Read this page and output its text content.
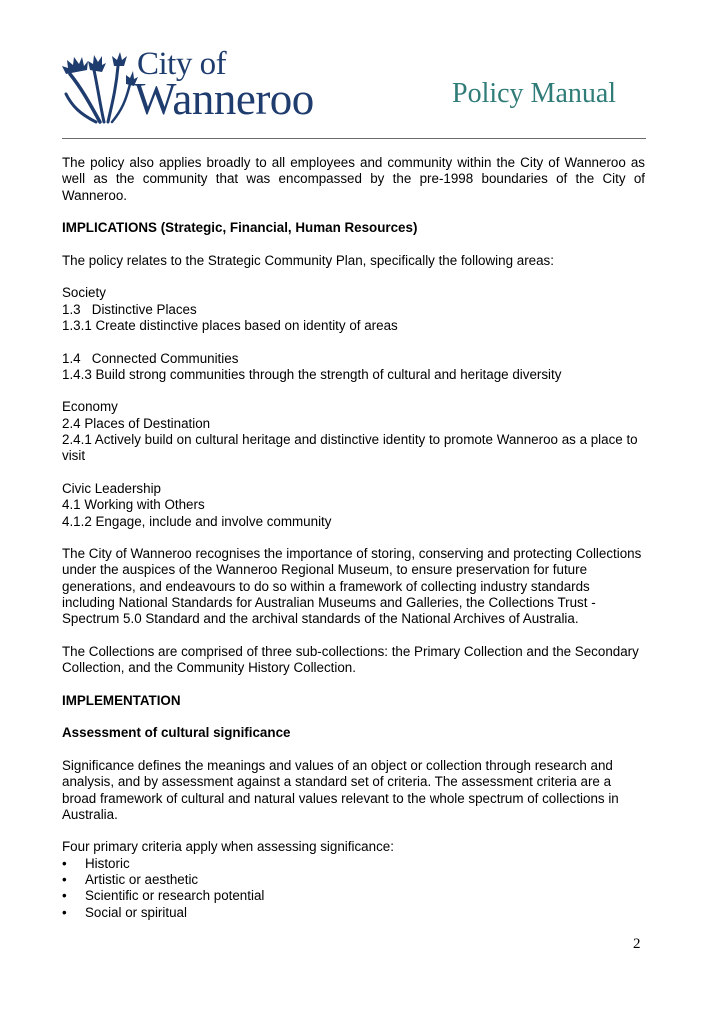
City of
Wanneroo	Policy Manual

The policy also applies broadly to all employees and community within the City of Wanneroo as well as the community that was encompassed by the pre-1998 boundaries of the City of Wanneroo.

IMPLICATIONS (Strategic, Financial, Human Resources)

The policy relates to the Strategic Community Plan, specifically the following areas:

Society
1.3   Distinctive Places

1.3.1 Create distinctive places based on identity of areas

1.4   Connected Communities

1.4.3 Build strong communities through the strength of cultural and heritage diversity

Economy
2.4 Places of Destination

2.4.1 Actively build on cultural heritage and distinctive identity to promote Wanneroo as a place to visit

Civic Leadership
4.1 Working with Others

4.1.2 Engage, include and involve community

The City of Wanneroo recognises the importance of storing, conserving and protecting Collections under the auspices of the Wanneroo Regional Museum, to ensure preservation for future generations, and endeavours to do so within a framework of collecting industry standards including National Standards for Australian Museums and Galleries, the Collections Trust - Spectrum 5.0 Standard and the archival standards of the National Archives of Australia.

The Collections are comprised of three sub-collections: the Primary Collection and the Secondary Collection, and the Community History Collection.

IMPLEMENTATION

Assessment of cultural significance

Significance defines the meanings and values of an object or collection through research and analysis, and by assessment against a standard set of criteria. The assessment criteria are a broad framework of cultural and natural values relevant to the whole spectrum of collections in Australia.

Four primary criteria apply when assessing significance:
• Historic
• Artistic or aesthetic
• Scientific or research potential
• Social or spiritual
2
